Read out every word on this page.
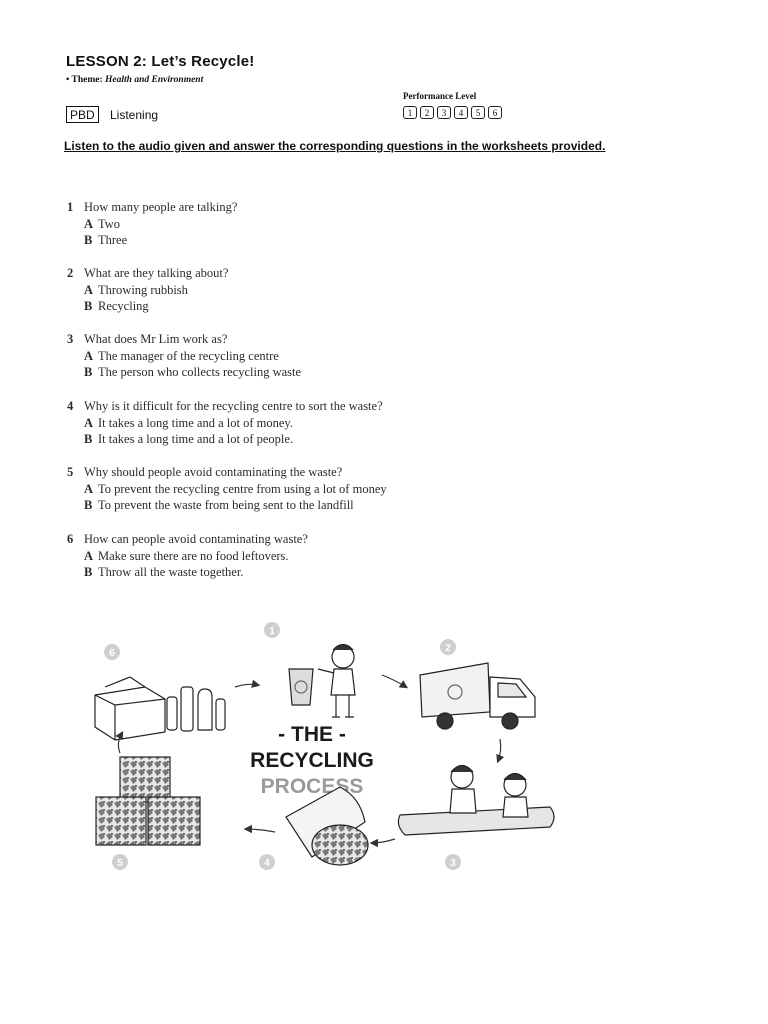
LESSON 2: Let’s Recycle!
• Theme: Health and Environment
Performance Level
1	2	3	4	5	6
PBD	Listening
Listen to the audio given and answer the corresponding questions in the worksheets provided.
1 How many people are talking?
A Two
B Three
2 What are they talking about?
A Throwing rubbish
B Recycling
3 What does Mr Lim work as?
A The manager of the recycling centre
B The person who collects recycling waste
4 Why is it difficult for the recycling centre to sort the waste?
A It takes a long time and a lot of money.
B It takes a long time and a lot of people.
5 Why should people avoid contaminating the waste?
A To prevent the recycling centre from using a lot of money
B To prevent the waste from being sent to the landfill
6 How can people avoid contaminating waste?
A Make sure there are no food leftovers.
B Throw all the waste together.
- THE -
RECYCLING
PROCESS
1
2
3
4
5
6
